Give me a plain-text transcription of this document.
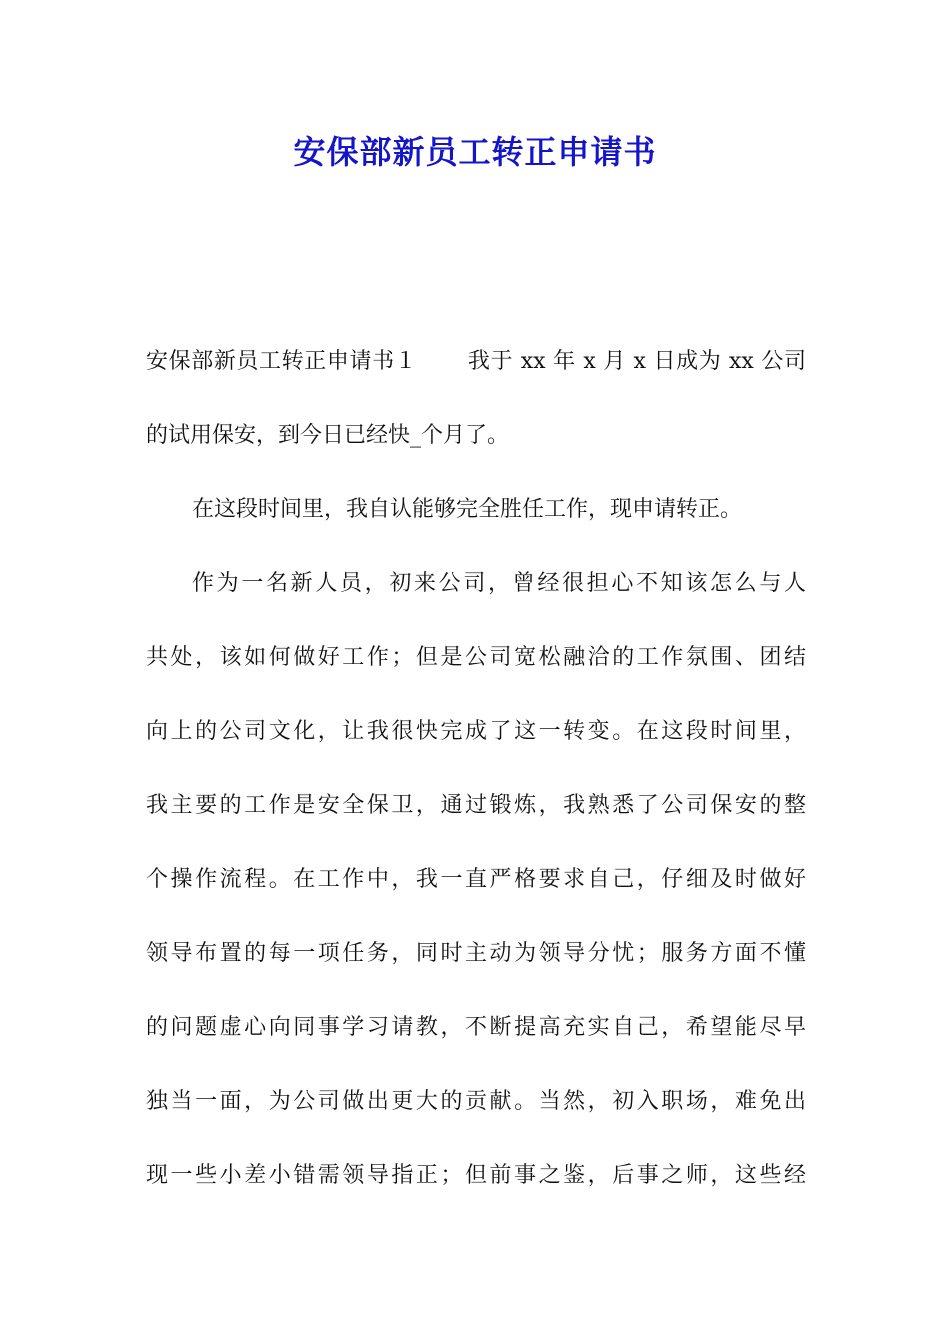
安保部新员工转正申请书

安保部新员工转正申请书１ 我于 xx 年 x 月 x 日成为 xx 公司

的试用保安，到今日已经快_个月了。

在这段时间里，我自认能够完全胜任工作，现申请转正。

作为一名新人员，初来公司，曾经很担心不知该怎么与人

共处，该如何做好工作；但是公司宽松融洽的工作氛围、团结

向上的公司文化，让我很快完成了这一转变。在这段时间里，

我主要的工作是安全保卫，通过锻炼，我熟悉了公司保安的整

个操作流程。在工作中，我一直严格要求自己，仔细及时做好

领导布置的每一项任务，同时主动为领导分忧；服务方面不懂

的问题虚心向同事学习请教，不断提高充实自己，希望能尽早

独当一面，为公司做出更大的贡献。当然，初入职场，难免出

现一些小差小错需领导指正；但前事之鉴，后事之师，这些经
